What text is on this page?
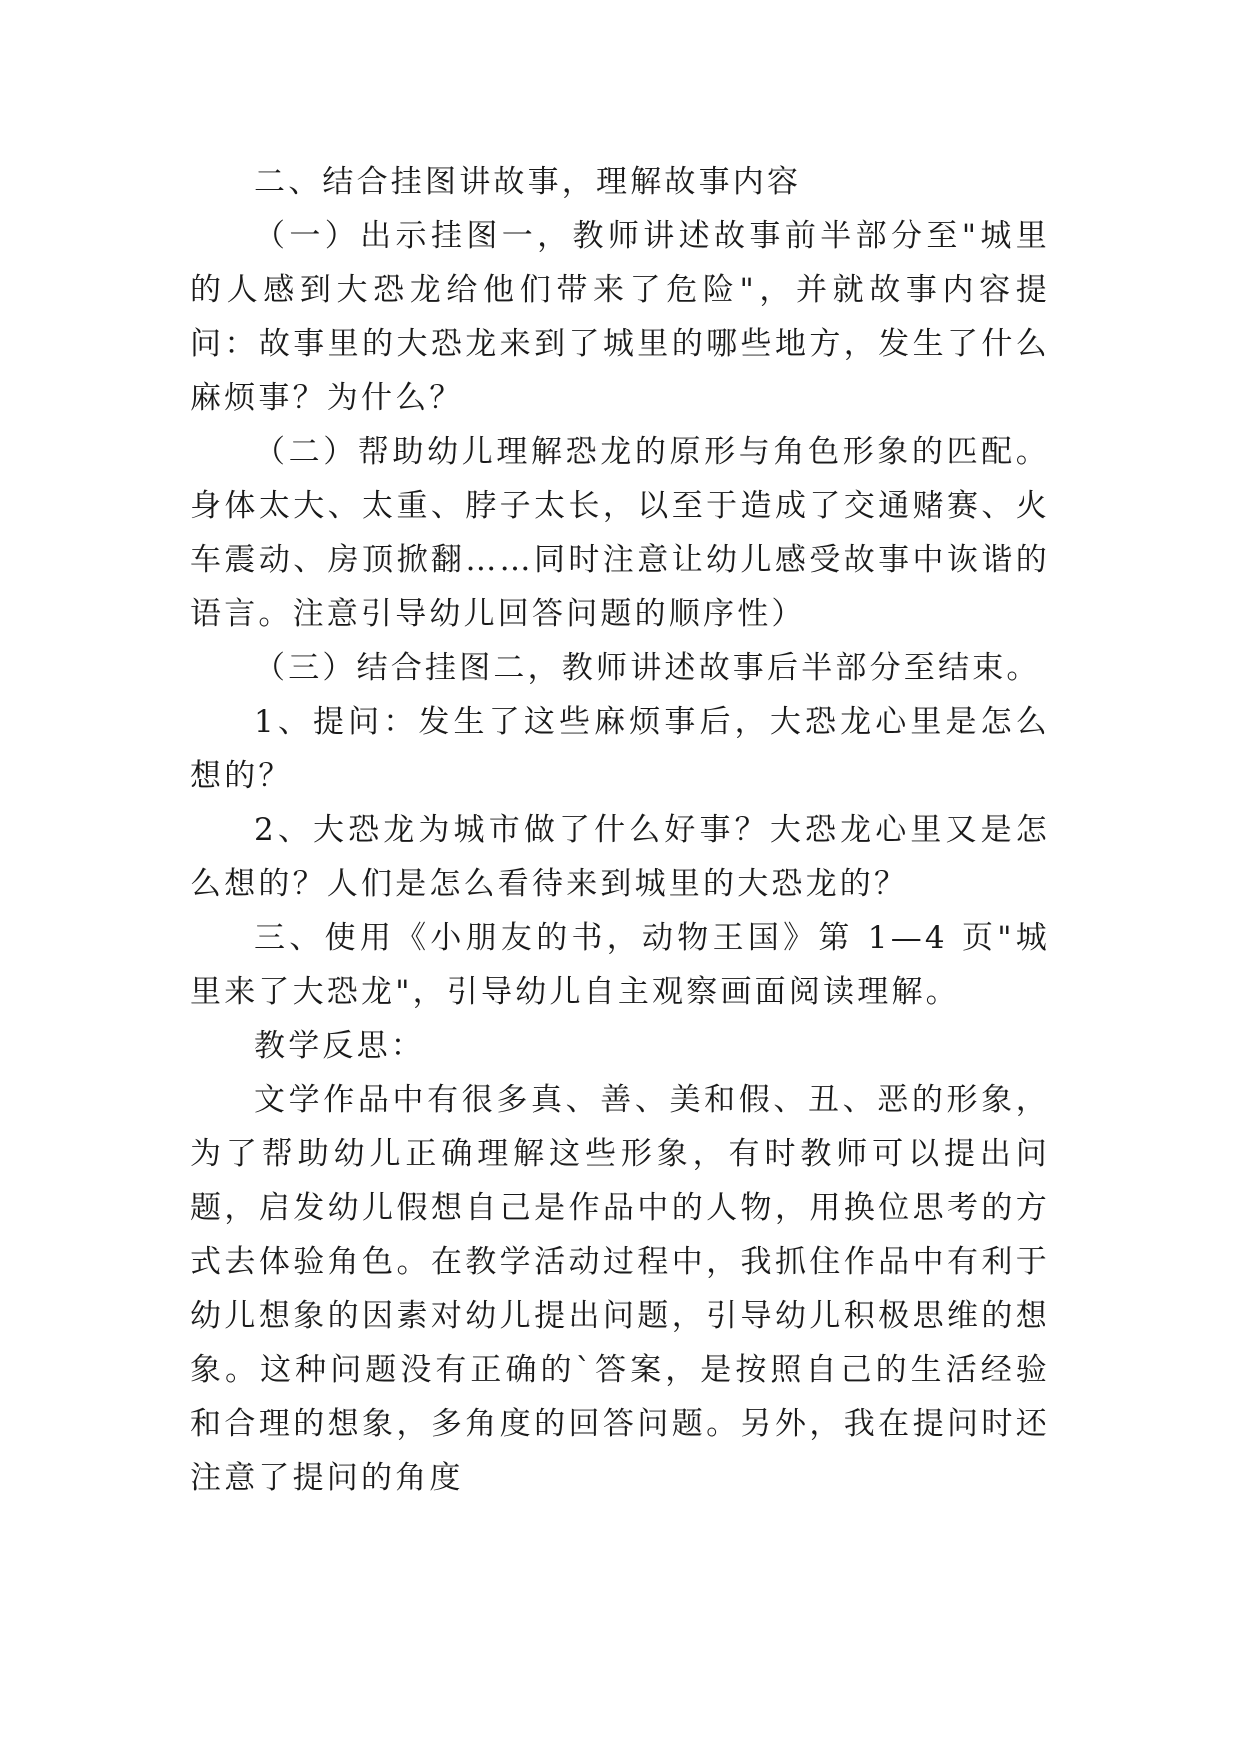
二、结合挂图讲故事，理解故事内容

（一）出示挂图一，教师讲述故事前半部分至"城里的人感到大恐龙给他们带来了危险"，并就故事内容提问：故事里的大恐龙来到了城里的哪些地方，发生了什么麻烦事？为什么？

（二）帮助幼儿理解恐龙的原形与角色形象的匹配。身体太大、太重、脖子太长，以至于造成了交通赌赛、火车震动、房顶掀翻……同时注意让幼儿感受故事中诙谐的语言。注意引导幼儿回答问题的顺序性）

（三）结合挂图二，教师讲述故事后半部分至结束。

1、提问：发生了这些麻烦事后，大恐龙心里是怎么想的？

2、大恐龙为城市做了什么好事？大恐龙心里又是怎么想的？人们是怎么看待来到城里的大恐龙的？

三、使用《小朋友的书，动物王国》第 1—4 页"城里来了大恐龙"，引导幼儿自主观察画面阅读理解。

教学反思：

文学作品中有很多真、善、美和假、丑、恶的形象，为了帮助幼儿正确理解这些形象，有时教师可以提出问题，启发幼儿假想自己是作品中的人物，用换位思考的方式去体验角色。在教学活动过程中，我抓住作品中有利于幼儿想象的因素对幼儿提出问题，引导幼儿积极思维的想象。这种问题没有正确的`答案，是按照自己的生活经验和合理的想象，多角度的回答问题。另外，我在提问时还注意了提问的角度
